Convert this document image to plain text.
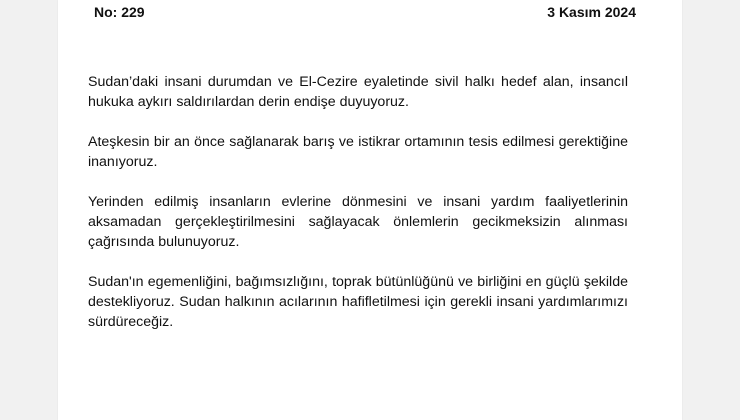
No: 229	3 Kasım 2024

Sudan’daki insani durumdan ve El-Cezire eyaletinde sivil halkı hedef alan, insancıl hukuka aykırı saldırılardan derin endişe duyuyoruz.

Ateşkesin bir an önce sağlanarak barış ve istikrar ortamının tesis edilmesi gerektiğine inanıyoruz.

Yerinden edilmiş insanların evlerine dönmesini ve insani yardım faaliyetlerinin aksamadan gerçekleştirilmesini sağlayacak önlemlerin gecikmeksizin alınması çağrısında bulunuyoruz.

Sudan'ın egemenliğini, bağımsızlığını, toprak bütünlüğünü ve birliğini en güçlü şekilde destekliyoruz. Sudan halkının acılarının hafifletilmesi için gerekli insani yardımlarımızı sürdüreceğiz.
